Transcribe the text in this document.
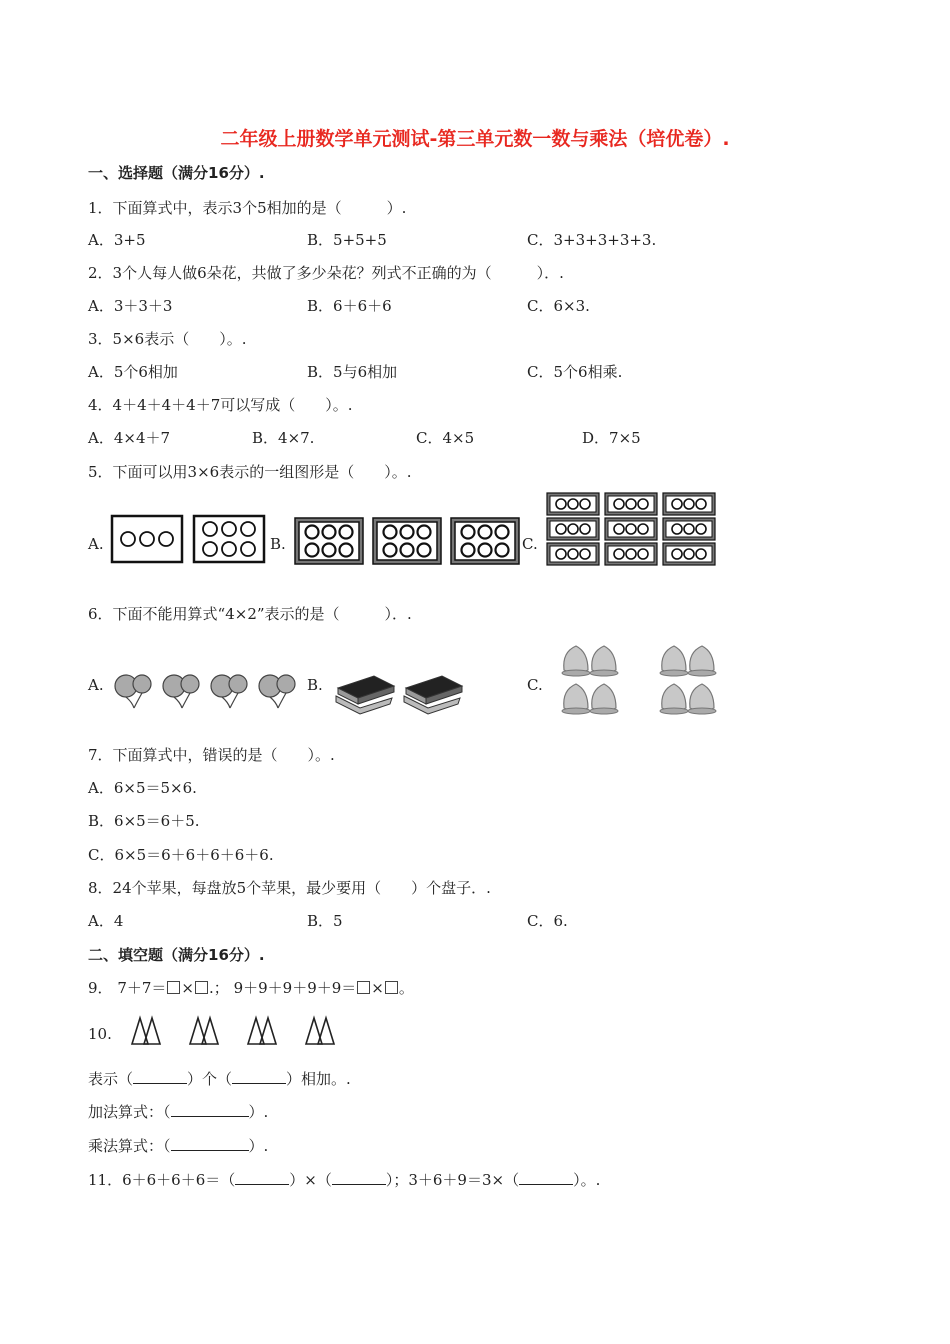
二年级上册数学单元测试-第三单元数一数与乘法（培优卷）.
一、选择题（满分16分）.
1．下面算式中，表示3个5相加的是（　　　）.
A．3+5	B．5+5+5	C．3+3+3+3+3.
2．3个人每人做6朵花，共做了多少朵花？列式不正确的为（　　　）．.
A．3＋3＋3	B．6＋6＋6	C．6×3.
3．5×6表示（　　）。.
A．5个6相加	B．5与6相加	C．5个6相乘.
4．4＋4＋4＋4＋7可以写成（　　）。.
A．4×4＋7	B．4×7.	C．4×5	D．7×5
5．下面可以用3×6表示的一组图形是（　　）。.
A.	B.	C.
6．下面不能用算式“4×2”表示的是（　　　）．.
A.	B.	C.
7．下面算式中，错误的是（　　）。.
A．6×5＝5×6.
B．6×5＝6＋5.
C．6×5＝6＋6＋6＋6＋6.
8．24个苹果，每盘放5个苹果，最少要用（　　）个盘子．.
A．4	B．5	C．6.
二、填空题（满分16分）.
9． 7＋7＝ × .； 9＋9＋9＋9＋9＝ × 。
10.
表示（	）个（	）相加。.
加法算式：（	）.
乘法算式：（	）.
11．6＋6＋6＋6＝（	）×（	）；3＋6＋9＝3×（	）。.
